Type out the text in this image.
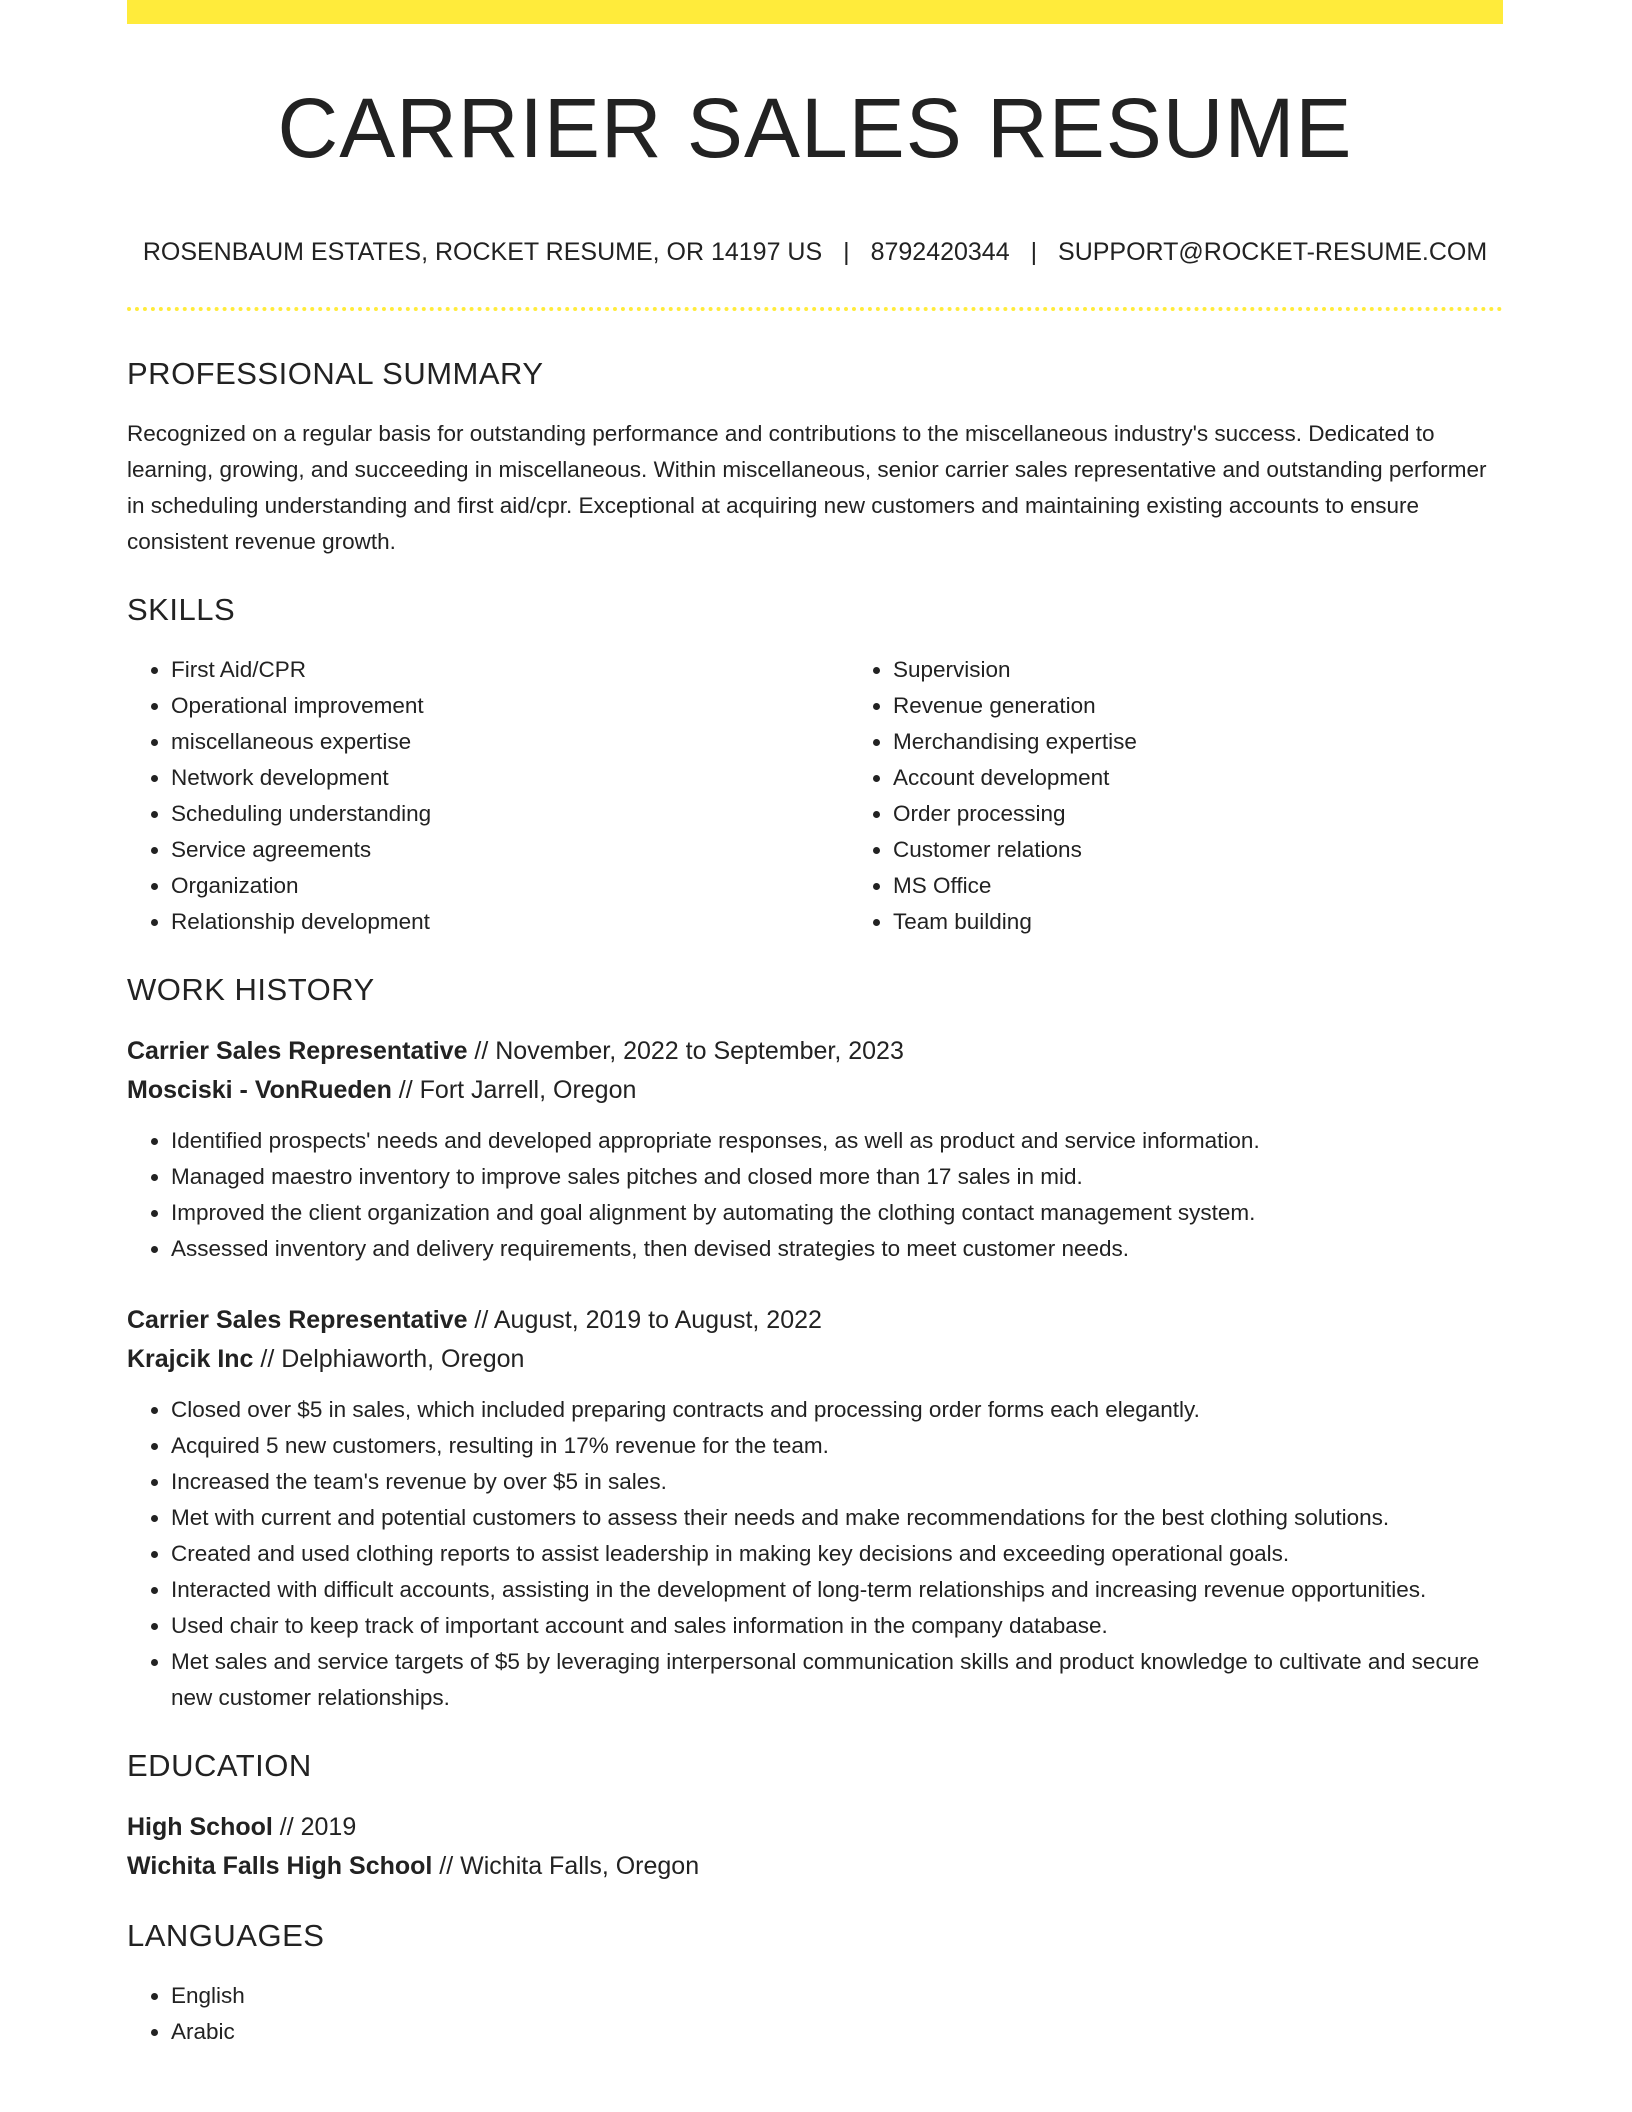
CARRIER SALES RESUME
ROSENBAUM ESTATES, ROCKET RESUME, OR 14197 US | 8792420344 | SUPPORT@ROCKET-RESUME.COM
PROFESSIONAL SUMMARY

Recognized on a regular basis for outstanding performance and contributions to the miscellaneous industry's success. Dedicated to learning, growing, and succeeding in miscellaneous. Within miscellaneous, senior carrier sales representative and outstanding performer in scheduling understanding and first aid/cpr. Exceptional at acquiring new customers and maintaining existing accounts to ensure consistent revenue growth.

SKILLS
• First Aid/CPR
• Operational improvement
• miscellaneous expertise
• Network development
• Scheduling understanding
• Service agreements
• Organization
• Relationship development
• Supervision
• Revenue generation
• Merchandising expertise
• Account development
• Order processing
• Customer relations
• MS Office
• Team building
WORK HISTORY
Carrier Sales Representative // November, 2022 to September, 2023
Mosciski - VonRueden // Fort Jarrell, Oregon
• Identified prospects' needs and developed appropriate responses, as well as product and service information.
• Managed maestro inventory to improve sales pitches and closed more than 17 sales in mid.
• Improved the client organization and goal alignment by automating the clothing contact management system.
• Assessed inventory and delivery requirements, then devised strategies to meet customer needs.
Carrier Sales Representative // August, 2019 to August, 2022
Krajcik Inc // Delphiaworth, Oregon
• Closed over $5 in sales, which included preparing contracts and processing order forms each elegantly.
• Acquired 5 new customers, resulting in 17% revenue for the team.
• Increased the team's revenue by over $5 in sales.
• Met with current and potential customers to assess their needs and make recommendations for the best clothing solutions.
• Created and used clothing reports to assist leadership in making key decisions and exceeding operational goals.
• Interacted with difficult accounts, assisting in the development of long-term relationships and increasing revenue opportunities.
• Used chair to keep track of important account and sales information in the company database.
• Met sales and service targets of $5 by leveraging interpersonal communication skills and product knowledge to cultivate and secure new customer relationships.
EDUCATION
High School // 2019
Wichita Falls High School // Wichita Falls, Oregon
LANGUAGES
• English
• Arabic
